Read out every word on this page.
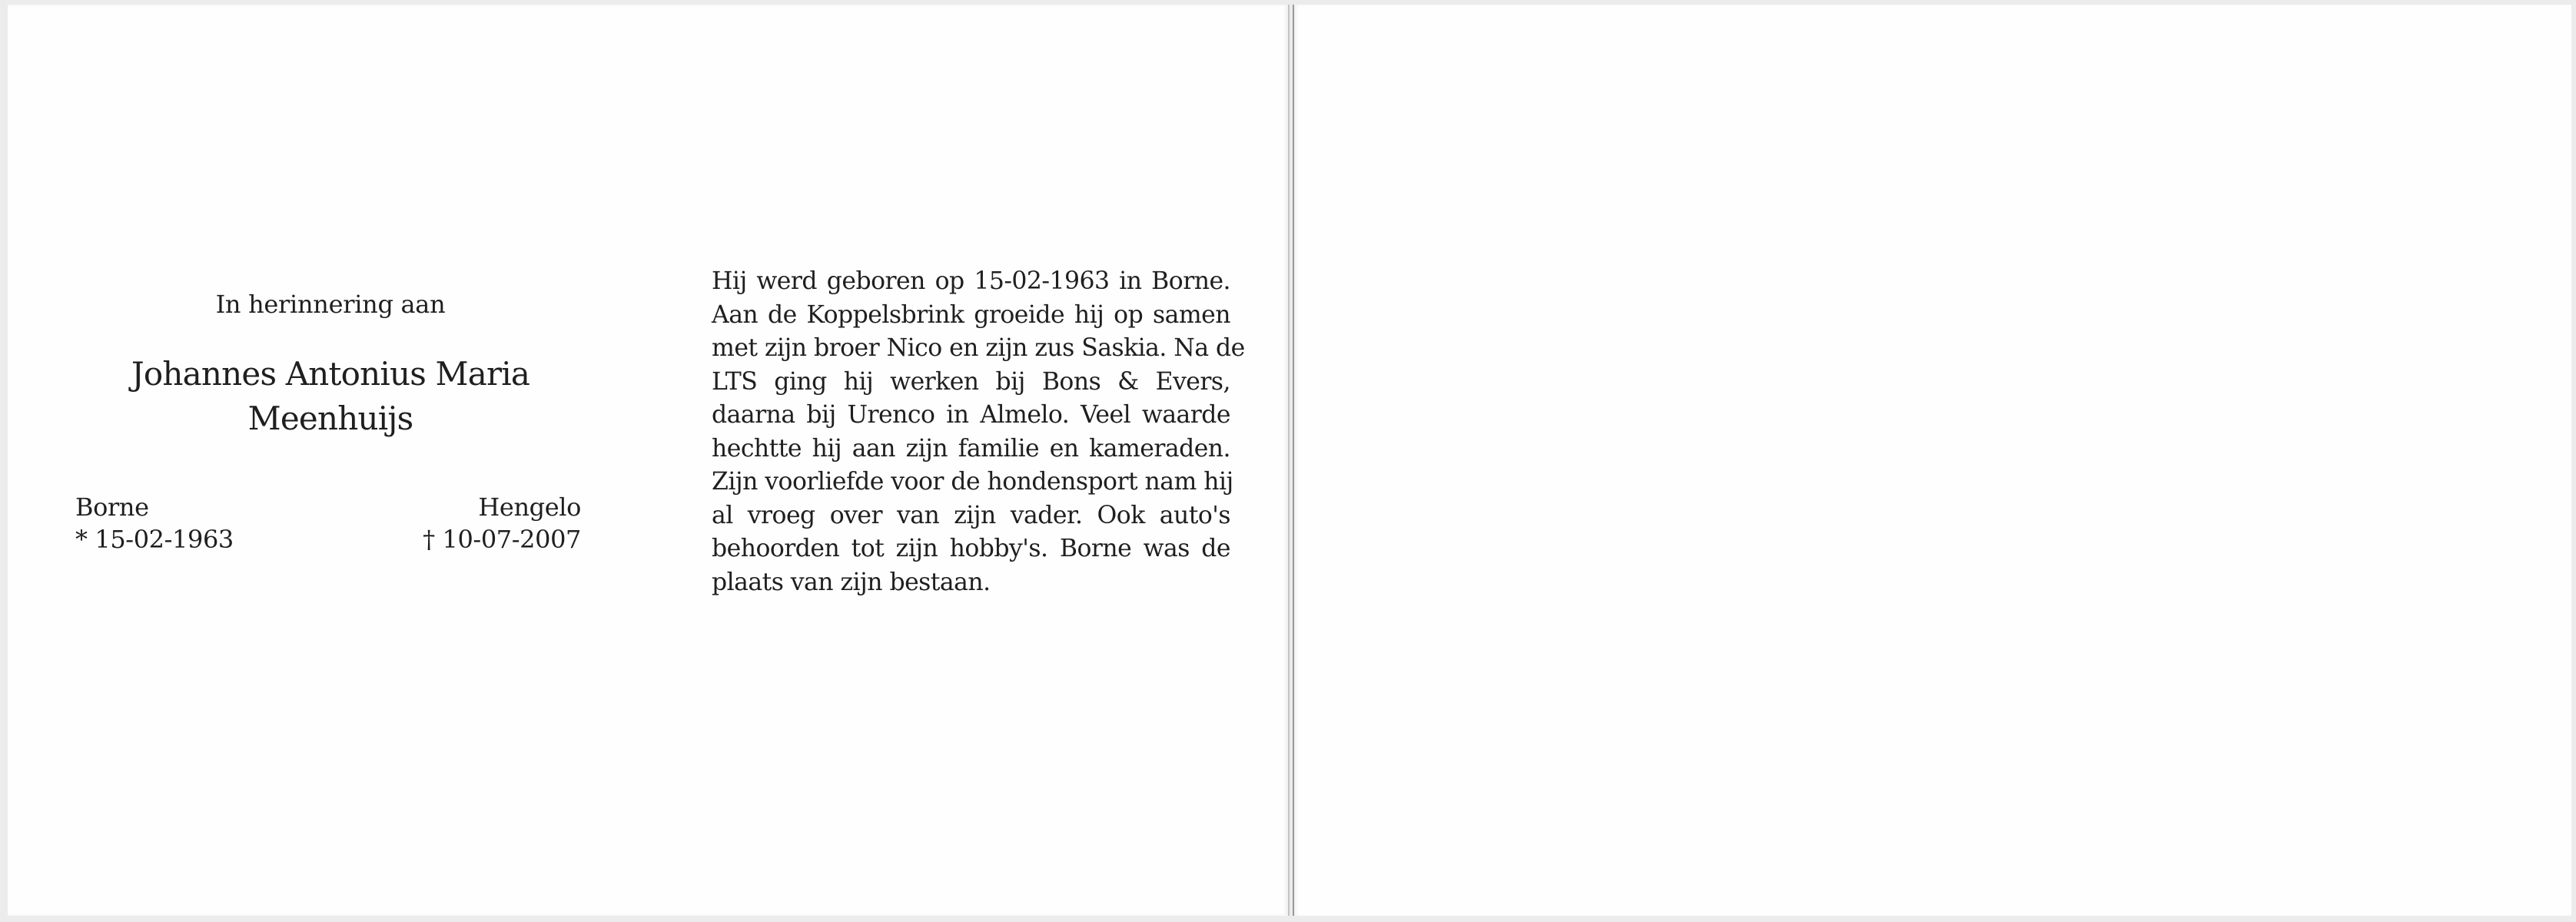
In herinnering aan
Johannes Antonius Maria
Meenhuijs
Borne
* 15-02-1963
Hengelo
† 10-07-2007
Hij werd geboren op 15-02-1963 in Borne.
Aan de Koppelsbrink groeide hij op samen
met zijn broer Nico en zijn zus Saskia. Na de
LTS ging hij werken bij Bons & Evers,
daarna bij Urenco in Almelo. Veel waarde
hechtte hij aan zijn familie en kameraden.
Zijn voorliefde voor de hondensport nam hij
al vroeg over van zijn vader. Ook auto's
behoorden tot zijn hobby's. Borne was de
plaats van zijn bestaan.
